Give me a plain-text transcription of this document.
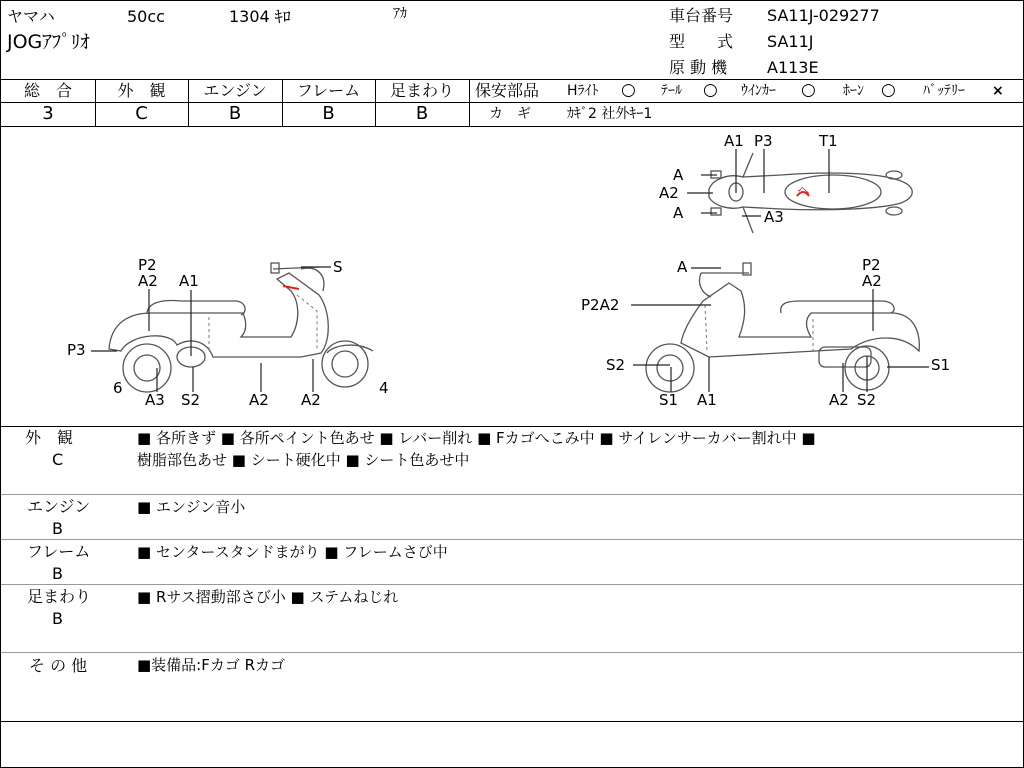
ヤマハ	50cc	1304 ｷﾛ	ｱｶ
JOGｱﾌﾟﾘｵ
車台番号 SA11J-029277
型　　式 SA11J
原 動 機 A113E
総　合	外　観	エンジン	フレーム	足まわり
3	C	B	B	B
保安部品 Hﾗｲﾄ ○ ﾃｰﾙ ○ ｳｲﾝｶｰ ○ ﾎｰﾝ ○ ﾊﾞｯﾃﾘｰ ×
カ　ギ	ｶｷﾞ2 社外ｷｰ1
A1 P3	T1
A
A2
A	A3
ヘ
P2
A2 A1
S
P3
6
A3 S2	A2 A2
4
A	P2
A2
P2A2
S2
S1 A1	A2 S2
S1
外　観
C
■ 各所きず ■ 各所ペイント色あせ ■ レバー削れ ■ Fカゴへこみ中 ■ サイレンサーカバー割れ中 ■
樹脂部色あせ ■ シート硬化中 ■ シート色あせ中
エンジン
B
■ エンジン音小
フレーム
B
■ センタースタンドまがり ■ フレームさび中
足まわり
B
■ Rサス摺動部さび小 ■ ステムねじれ
そ の 他	■装備品:Fカゴ Rカゴ
